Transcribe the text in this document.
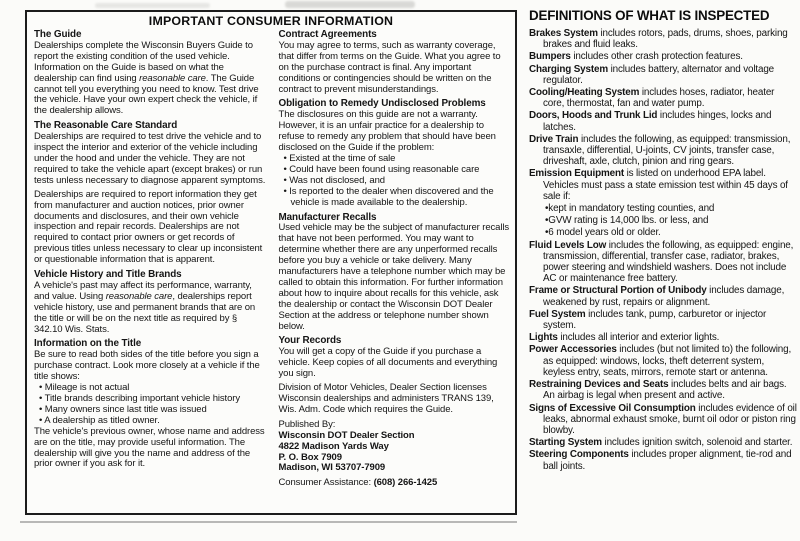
IMPORTANT CONSUMER INFORMATION
The Guide
Dealerships complete the Wisconsin Buyers Guide to report the existing condition of the used vehicle. Information on the Guide is based on what the dealership can find using reasonable care. The Guide cannot tell you everything you need to know. Test drive the vehicle. Have your own expert check the vehicle, if the dealership allows.
The Reasonable Care Standard
Dealerships are required to test drive the vehicle and to inspect the interior and exterior of the vehicle including under the hood and under the vehicle. They are not required to take the vehicle apart (except brakes) or run tests unless necessary to diagnose apparent symptoms.
Dealerships are required to report information they get from manufacturer and auction notices, prior owner documents and disclosures, and their own vehicle inspection and repair records. Dealerships are not required to contact prior owners or get records of previous titles unless necessary to clear up inconsistent or questionable information that is apparent.
Vehicle History and Title Brands
A vehicle's past may affect its performance, warranty, and value. Using reasonable care, dealerships report vehicle history, use and permanent brands that are on the title or will be on the next title as required by § 342.10 Wis. Stats.
Information on the Title
Be sure to read both sides of the title before you sign a purchase contract. Look more closely at a vehicle if the title shows:
• Mileage is not actual
• Title brands describing important vehicle history
• Many owners since last title was issued
• A dealership as titled owner.
The vehicle's previous owner, whose name and address are on the title, may provide useful information. The dealership will give you the name and address of the prior owner if you ask for it.
Contract Agreements
You may agree to terms, such as warranty coverage, that differ from terms on the Guide. What you agree to on the purchase contract is final. Any important conditions or contingencies should be written on the contract to prevent misunderstandings.
Obligation to Remedy Undisclosed Problems
The disclosures on this guide are not a warranty. However, it is an unfair practice for a dealership to refuse to remedy any problem that should have been disclosed on the Guide if the problem:
• Existed at the time of sale
• Could have been found using reasonable care
• Was not disclosed, and
• Is reported to the dealer when discovered and the vehicle is made available to the dealership.
Manufacturer Recalls
Used vehicle may be the subject of manufacturer recalls that have not been performed. You may want to determine whether there are any unperformed recalls before you buy a vehicle or take delivery. Many manufacturers have a telephone number which may be called to obtain this information. For further information about how to inquire about recalls for this vehicle, ask the dealership or contact the Wisconsin DOT Dealer Section at the address or telephone number shown below.
Your Records
You will get a copy of the Guide if you purchase a vehicle. Keep copies of all documents and everything you sign.
Division of Motor Vehicles, Dealer Section licenses Wisconsin dealerships and administers TRANS 139, Wis. Adm. Code which requires the Guide.
Published By:
Wisconsin DOT Dealer Section
4822 Madison Yards Way
P. O. Box 7909
Madison, WI 53707-7909
Consumer Assistance: (608) 266-1425
DEFINITIONS OF WHAT IS INSPECTED
Brakes System includes rotors, pads, drums, shoes, parking brakes and fluid leaks.
Bumpers includes other crash protection features.
Charging System includes battery, alternator and voltage regulator.
Cooling/Heating System includes hoses, radiator, heater core, thermostat, fan and water pump.
Doors, Hoods and Trunk Lid includes hinges, locks and latches.
Drive Train includes the following, as equipped: transmission, transaxle, differential, U-joints, CV joints, transfer case, driveshaft, axle, clutch, pinion and ring gears.
Emission Equipment is listed on underhood EPA label. Vehicles must pass a state emission test within 45 days of sale if:
•kept in mandatory testing counties, and
•GVW rating is 14,000 lbs. or less, and
•6 model years old or older.
Fluid Levels Low includes the following, as equipped: engine, transmission, differential, transfer case, radiator, brakes, power steering and windshield washers. Does not include AC or maintenance free battery.
Frame or Structural Portion of Unibody includes damage, weakened by rust, repairs or alignment.
Fuel System includes tank, pump, carburetor or injector system.
Lights includes all interior and exterior lights.
Power Accessories includes (but not limited to) the following, as equipped: windows, locks, theft deterrent system, keyless entry, seats, mirrors, remote start or antenna.
Restraining Devices and Seats includes belts and air bags. An airbag is legal when present and active.
Signs of Excessive Oil Consumption includes evidence of oil leaks, abnormal exhaust smoke, burnt oil odor or piston ring blowby.
Starting System includes ignition switch, solenoid and starter.
Steering Components includes proper alignment, tie-rod and ball joints.
